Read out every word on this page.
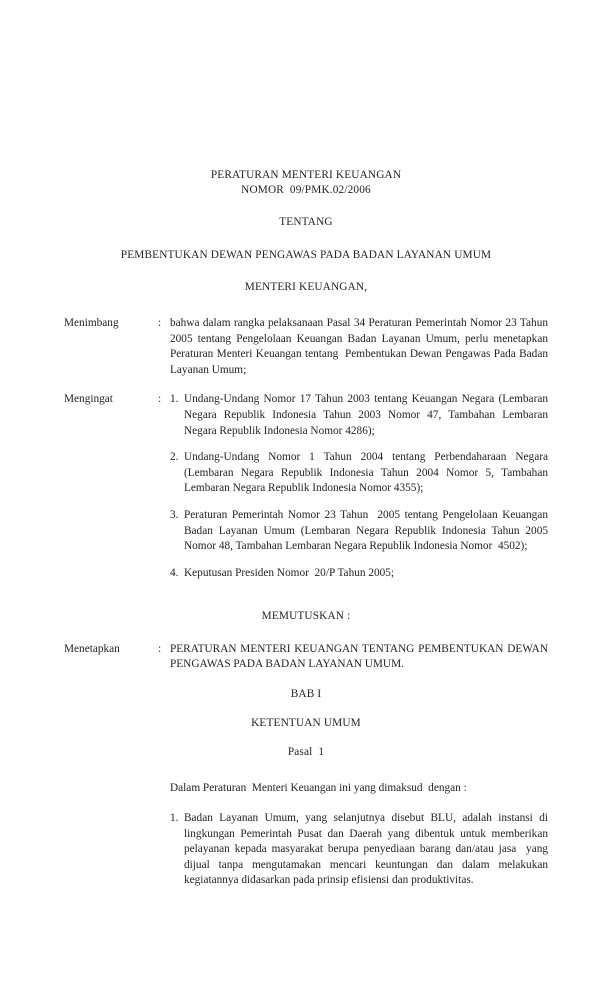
PERATURAN MENTERI KEUANGAN
NOMOR  09/PMK.02/2006
TENTANG
PEMBENTUKAN DEWAN PENGAWAS PADA BADAN LAYANAN UMUM
MENTERI KEUANGAN,
Menimbang	: bahwa dalam rangka pelaksanaan Pasal 34 Peraturan Pemerintah Nomor 23 Tahun 2005 tentang Pengelolaan Keuangan Badan Layanan Umum, perlu menetapkan Peraturan Menteri Keuangan tentang  Pembentukan Dewan Pengawas Pada Badan Layanan Umum;
Mengingat	: 1. Undang-Undang Nomor 17 Tahun 2003 tentang Keuangan Negara (Lembaran Negara Republik Indonesia Tahun 2003 Nomor 47, Tambahan Lembaran Negara Republik Indonesia Nomor 4286);
2. Undang-Undang Nomor 1 Tahun 2004 tentang Perbendaharaan Negara (Lembaran Negara Republik Indonesia Tahun 2004 Nomor 5, Tambahan Lembaran Negara Republik Indonesia Nomor 4355);
3. Peraturan Pemerintah Nomor 23 Tahun  2005 tentang Pengelolaan Keuangan Badan Layanan Umum (Lembaran Negara Republik Indonesia Tahun 2005 Nomor 48, Tambahan Lembaran Negara Republik Indonesia Nomor  4502);
4. Keputusan Presiden Nomor  20/P Tahun 2005;
MEMUTUSKAN :
Menetapkan	: PERATURAN MENTERI KEUANGAN TENTANG PEMBENTUKAN DEWAN PENGAWAS PADA BADAN LAYANAN UMUM.
BAB I
KETENTUAN UMUM
Pasal  1
Dalam Peraturan  Menteri Keuangan ini yang dimaksud  dengan :
1. Badan Layanan Umum, yang selanjutnya disebut BLU, adalah instansi di lingkungan Pemerintah Pusat dan Daerah yang dibentuk untuk memberikan pelayanan kepada masyarakat berupa penyediaan barang dan/atau jasa  yang dijual tanpa mengutamakan mencari keuntungan dan dalam melakukan kegiatannya didasarkan pada prinsip efisiensi dan produktivitas.
